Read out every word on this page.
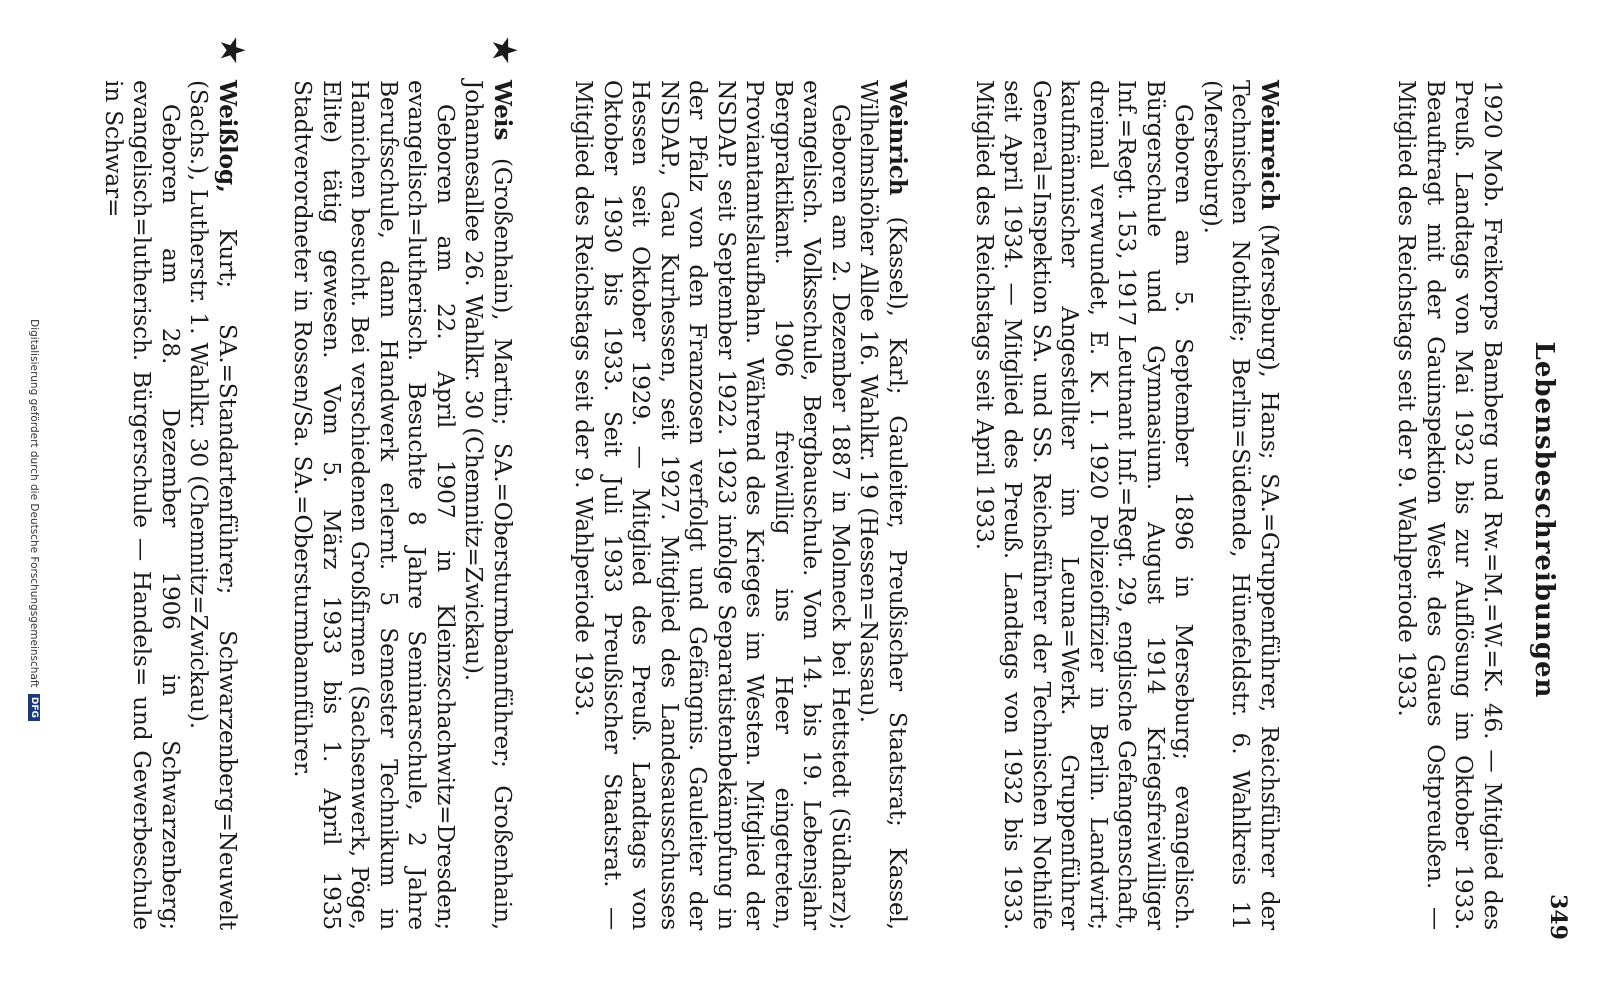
Lebensbeschreibungen
349

1920 Mob. Freikorps Bamberg und Rw.=M.=W.=K. 46. — Mitglied des Preuß. Landtags von Mai 1932 bis zur Auflösung im Oktober 1933. Beauftragt mit der Gauinspektion West des Gaues Ostpreußen. — Mitglied des Reichstags seit der 9. Wahlperiode 1933.

Weinreich (Merseburg), Hans; SA.=Gruppenführer, Reichsführer der Technischen Nothilfe; Berlin=Südende, Hünefeldstr. 6. Wahlkreis 11 (Merseburg).

Geboren am 5. September 1896 in Merseburg; evangelisch. Bürgerschule und Gymnasium. August 1914 Kriegsfreiwilliger Inf.=Regt. 153, 1917 Leutnant Inf.=Regt. 29, englische Gefangenschaft, dreimal verwundet, E. K. I. 1920 Polizeioffizier in Berlin. Landwirt; kaufmännischer Angestellter im Leuna=Werk. Gruppenführer General=Inspektion SA. und SS. Reichsführer der Technischen Nothilfe seit April 1934. — Mitglied des Preuß. Landtags von 1932 bis 1933. Mitglied des Reichstags seit April 1933.

Weinrich (Kassel), Karl; Gauleiter, Preußischer Staatsrat; Kassel, Wilhelmshöher Allee 16. Wahlkr. 19 (Hessen=Nassau).

Geboren am 2. Dezember 1887 in Molmeck bei Hettstedt (Südharz); evangelisch. Volksschule, Bergbauschule. Vom 14. bis 19. Lebensjahr Bergpraktikant. 1906 freiwillig ins Heer eingetreten, Proviantamtslaufbahn. Während des Krieges im Westen. Mitglied der NSDAP. seit September 1922. 1923 infolge Separatistenbekämpfung in der Pfalz von den Franzosen verfolgt und Gefängnis. Gauleiter der NSDAP., Gau Kurhessen, seit 1927. Mitglied des Landesausschusses Hessen seit Oktober 1929. — Mitglied des Preuß. Landtags von Oktober 1930 bis 1933. Seit Juli 1933 Preußischer Staatsrat. — Mitglied des Reichstags seit der 9. Wahlperiode 1933.

★

Weis (Großenhain), Martin; SA.=Obersturmbannführer; Großenhain, Johannesallee 26. Wahlkr. 30 (Chemnitz=Zwickau).

Geboren am 22. April 1907 in Kleinzschachwitz=Dresden; evangelisch=lutherisch. Besuchte 8 Jahre Seminarschule, 2 Jahre Berufsschule, dann Handwerk erlernt. 5 Semester Technikum in Hamichen besucht. Bei verschiedenen Großfirmen (Sachsenwerk, Pöge, Elite) tätig gewesen. Vom 5. März 1933 bis 1. April 1935 Stadtverordneter in Rossen/Sa. SA.=Obersturmbannführer.

★

Weißlog, Kurt; SA.=Standartenführer; Schwarzenberg=Neuwelt (Sachs.), Lutherstr. 1. Wahlkr. 30 (Chemnitz=Zwickau).

Geboren am 28. Dezember 1906 in Schwarzenberg; evangelisch=lutherisch. Bürgerschule — Handels= und Gewerbeschule in Schwar=

Digitalisierung gefördert durch die Deutsche Forschungsgemeinschaft DFG
